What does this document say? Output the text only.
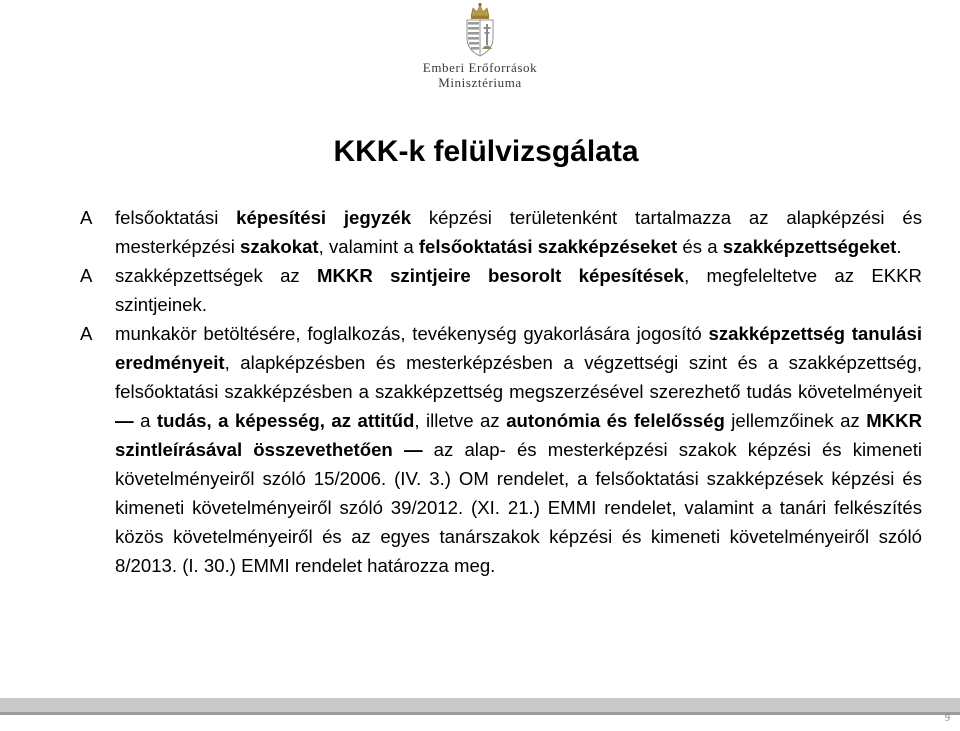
Emberi Erőforrások
Minisztériuma
KKK-k felülvizsgálata

A felsőoktatási képesítési jegyzék képzési területenként tartalmazza az alapképzési és mesterképzési szakokat, valamint a felsőoktatási szakképzéseket és a szakképzettségeket.

A szakképzettségek az MKKR szintjeire besorolt képesítések, megfeleltetve az EKKR szintjeinek.

A munkakör betöltésére, foglalkozás, tevékenység gyakorlására jogosító szakképzettség tanulási eredményeit, alapképzésben és mesterképzésben a végzettségi szint és a szakképzettség, felsőoktatási szakképzésben a szakképzettség megszerzésével szerezhető tudás követelményeit — a tudás, a képesség, az attitűd, illetve az autonómia és felelősség jellemzőinek az MKKR szintleírásával összevethetően — az alap- és mesterképzési szakok képzési és kimeneti követelményeiről szóló 15/2006. (IV. 3.) OM rendelet, a felsőoktatási szakképzések képzési és kimeneti követelményeiről szóló 39/2012. (XI. 21.) EMMI rendelet, valamint a tanári felkészítés közös követelményeiről és az egyes tanárszakok képzési és kimeneti követelményeiről szóló 8/2013. (I. 30.) EMMI rendelet határozza meg.

9
